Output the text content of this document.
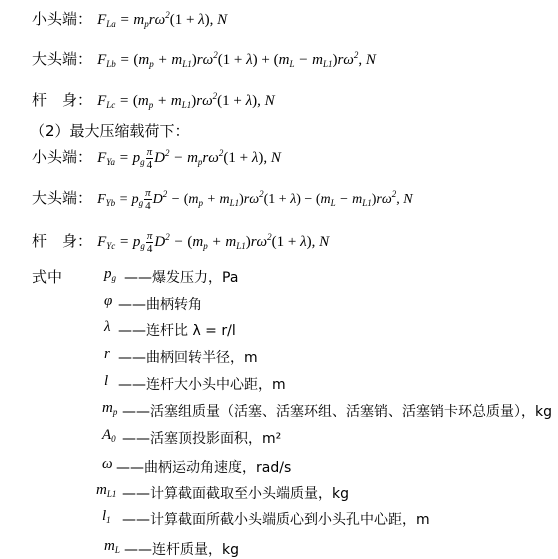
小头端： $F_{La} = m_pr\omega^2(1 + \lambda)$, N
大头端： $F_{Lb} = (m_p + m_{L1})r\omega^2(1 + \lambda) + (m_L - m_{L1})r\omega^2$, N
杆　身： $F_{Lc} = (m_p + m_{L1})r\omega^2(1 + \lambda)$, N
（2）最大压缩载荷下：
小头端： $F_{Ya} = p_g \frac{\pi}{4} D^2 - m_pr\omega^2(1 + \lambda)$, N
大头端： $F_{Yb} = p_g \frac{\pi}{4} D^2 - (m_p + m_{L1})r\omega^2(1 + \lambda) - (m_L - m_{L1})r\omega^2$, N
杆　身： $F_{Yc} = p_g \frac{\pi}{4} D^2 - (m_p + m_{L1})r\omega^2(1 + \lambda)$, N
式中	$p_g$ ——爆发压力，Pa
φ ——曲柄转角
λ ——连杆比 λ = r/l
r ——曲柄回转半径，m
l ——连杆大小头中心距，m
$m_p$ ——活塞组质量（活塞、活塞环组、活塞销、活塞销卡环总质量），kg
$A_0$ ——活塞顶投影面积，m²
ω ——曲柄运动角速度，rad/s
$m_{L1}$ ——计算截面截取至小头端质量，kg
$l_1$ ——计算截面所截小头端质心到小头孔中心距，m
$m_L$ ——连杆质量，kg
